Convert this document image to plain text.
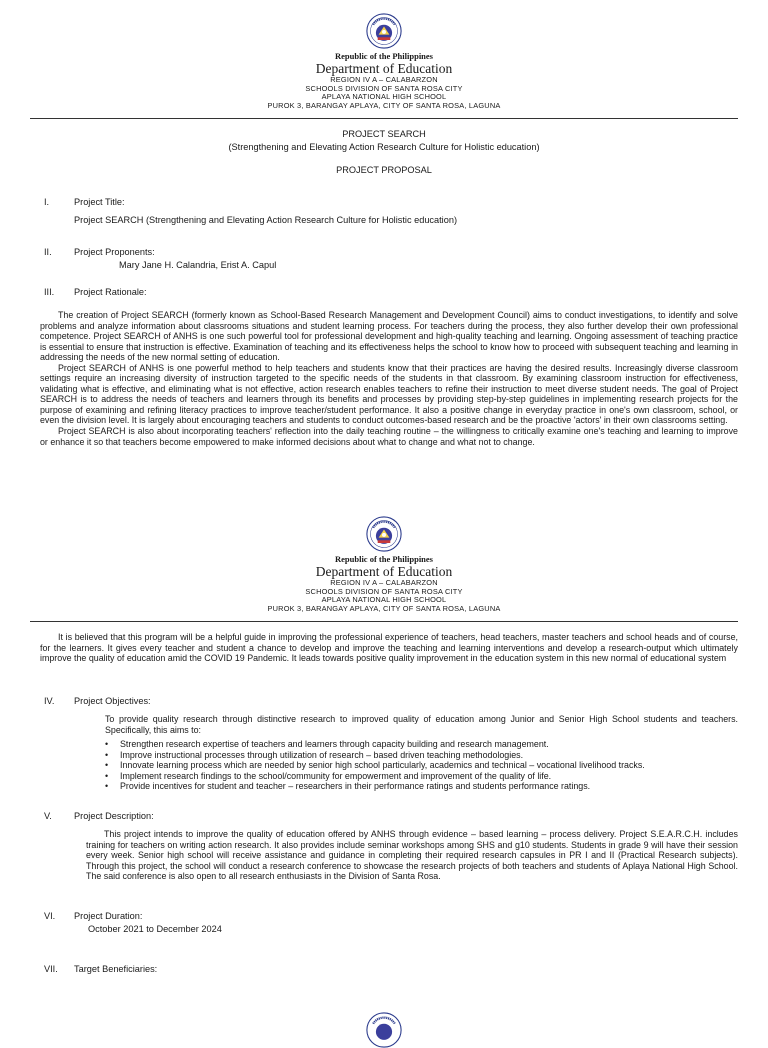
Republic of the Philippines
Department of Education
REGION IV A – CALABARZON
SCHOOLS DIVISION OF SANTA ROSA CITY
APLAYA NATIONAL HIGH SCHOOL
PUROK 3, BARANGAY APLAYA, CITY OF SANTA ROSA, LAGUNA
PROJECT SEARCH
(Strengthening and Elevating Action Research Culture for Holistic education)
PROJECT PROPOSAL
I.	Project Title:
Project SEARCH (Strengthening and Elevating Action Research Culture for Holistic education)
II. Project Proponents:
Mary Jane H. Calandria, Erist A. Capul
III. Project Rationale:

The creation of Project SEARCH (formerly known as School-Based Research Management and Development Council) aims to conduct investigations, to identify and solve problems and analyze information about classrooms situations and student learning process. For teachers during the process, they also further develop their own professional competence. Project SEARCH of ANHS is one such powerful tool for professional development and high-quality teaching and learning. Ongoing assessment of teaching practice is essential to ensure that instruction is effective. Examination of teaching and its effectiveness helps the school to know how to proceed with subsequent teaching and learning in addressing the needs of the new normal setting of education.

Project SEARCH of ANHS is one powerful method to help teachers and students know that their practices are having the desired results. Increasingly diverse classroom settings require an increasing diversity of instruction targeted to the specific needs of the students in that classroom. By examining classroom instruction for effectiveness, validating what is effective, and eliminating what is not effective, action research enables teachers to refine their instruction to meet diverse student needs. The goal of Project SEARCH is to address the needs of teachers and learners through its benefits and processes by providing step-by-step guidelines in implementing research projects for the purpose of examining and refining literacy practices to improve teacher/student performance. It also a positive change in everyday practice in one's own classroom, school, or even the division level. It is largely about encouraging teachers and students to conduct outcomes-based research and be the proactive 'actors' in their own classrooms setting.

Project SEARCH is also about incorporating teachers' reflection into the daily teaching routine – the willingness to critically examine one's teaching and learning to improve or enhance it so that teachers become empowered to make informed decisions about what to change and what not to change.

Republic of the Philippines
Department of Education
REGION IV A – CALABARZON
SCHOOLS DIVISION OF SANTA ROSA CITY
APLAYA NATIONAL HIGH SCHOOL
PUROK 3, BARANGAY APLAYA, CITY OF SANTA ROSA, LAGUNA

It is believed that this program will be a helpful guide in improving the professional experience of teachers, head teachers, master teachers and school heads and of course, for the learners. It gives every teacher and student a chance to develop and improve the teaching and learning interventions and develop a research-output which ultimately improve the quality of education amid the COVID 19 Pandemic. It leads towards positive quality improvement in the education system in this new normal of educational system

IV. Project Objectives:
To provide quality research through distinctive research to improved quality of education among Junior and Senior High School students and teachers. Specifically, this aims to:
• Strengthen research expertise of teachers and learners through capacity building and research management.
• Improve instructional processes through utilization of research – based driven teaching methodologies.
• Innovate learning process which are needed by senior high school particularly, academics and technical – vocational livelihood tracks.
• Implement research findings to the school/community for empowerment and improvement of the quality of life.
• Provide incentives for student and teacher – researchers in their performance ratings and students performance ratings.
V. Project Description:

This project intends to improve the quality of education offered by ANHS through evidence – based learning – process delivery. Project S.E.A.R.C.H. includes training for teachers on writing action research. It also provides include seminar workshops among SHS and g10 students. Students in grade 9 will have their session every week. Senior high school will receive assistance and guidance in completing their required research capsules in PR I and II (Practical Research subjects). Through this project, the school will conduct a research conference to showcase the research projects of both teachers and students of Aplaya National High School. The said conference is also open to all research enthusiasts in the Division of Santa Rosa.

VI. Project Duration:
October 2021 to December 2024
VII. Target Beneficiaries:
